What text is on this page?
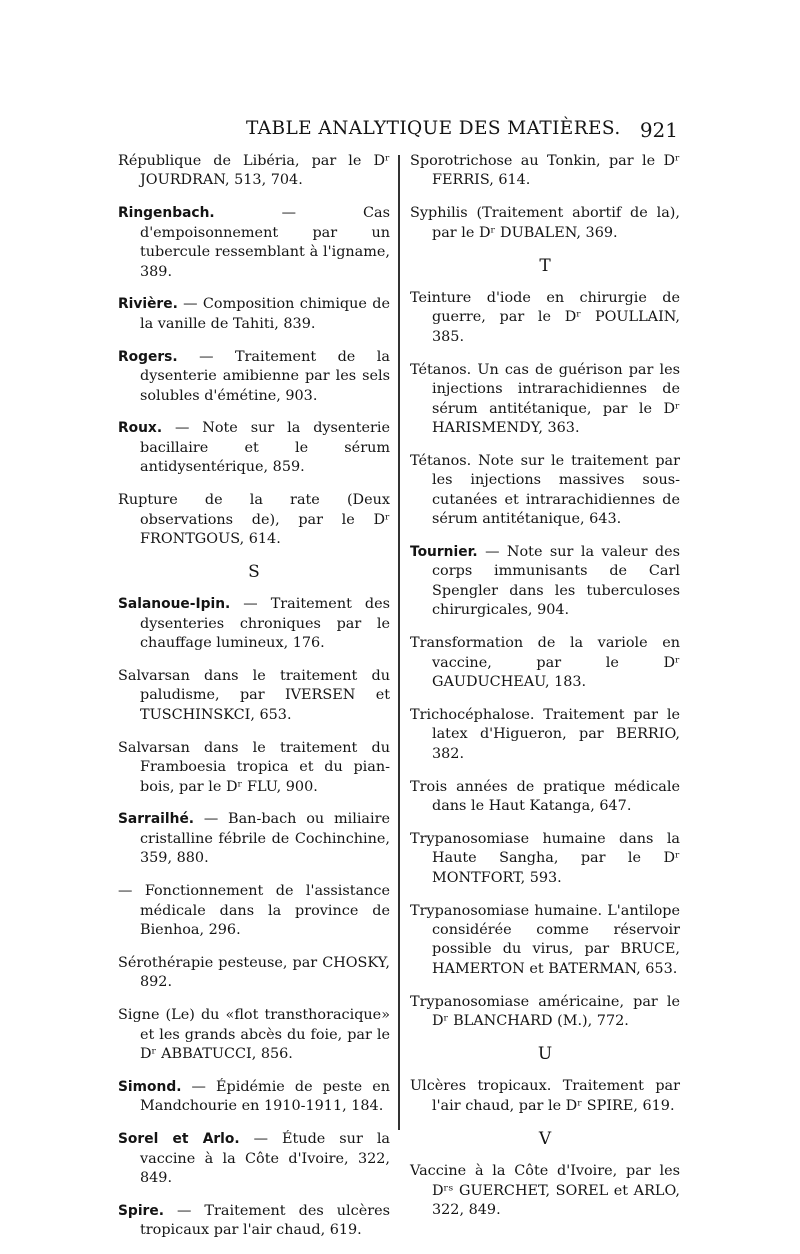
TABLE ANALYTIQUE DES MATIÈRES. 921

République de Libéria, par le Dʳ JOURDRAN, 513, 704.

Ringenbach. — Cas d'empoisonnement par un tubercule ressemblant à l'igname, 389.

Rivière. — Composition chimique de la vanille de Tahiti, 839.

Rogers. — Traitement de la dysenterie amibienne par les sels solubles d'émétine, 903.

Roux. — Note sur la dysenterie bacillaire et le sérum antidysentérique, 859.

Rupture de la rate (Deux observations de), par le Dʳ FRONTGOUS, 614.

S

Salanoue-Ipin. — Traitement des dysenteries chroniques par le chauffage lumineux, 176.

Salvarsan dans le traitement du paludisme, par IVERSEN et TUSCHINSKCI, 653.

Salvarsan dans le traitement du Framboesia tropica et du pian-bois, par le Dʳ FLU, 900.

Sarrailhé. — Ban-bach ou miliaire cristalline fébrile de Cochinchine, 359, 880.

— Fonctionnement de l'assistance médicale dans la province de Bienhoa, 296.

Sérothérapie pesteuse, par CHOSKY, 892.

Signe (Le) du «flot transthoracique» et les grands abcès du foie, par le Dʳ ABBATUCCI, 856.

Simond. — Épidémie de peste en Mandchourie en 1910-1911, 184.

Sorel et Arlo. — Étude sur la vaccine à la Côte d'Ivoire, 322, 849.

Spire. — Traitement des ulcères tropicaux par l'air chaud, 619.

Sporotrichose au Tonkin, par le Dʳ FERRIS, 614.

Syphilis (Traitement abortif de la), par le Dʳ DUBALEN, 369.

T

Teinture d'iode en chirurgie de guerre, par le Dʳ POULLAIN, 385.

Tétanos. Un cas de guérison par les injections intrarachidiennes de sérum antitétanique, par le Dʳ HARISMENDY, 363.

Tétanos. Note sur le traitement par les injections massives sous-cutanées et intrarachidiennes de sérum antitétanique, 643.

Tournier. — Note sur la valeur des corps immunisants de Carl Spengler dans les tuberculoses chirurgicales, 904.

Transformation de la variole en vaccine, par le Dʳ GAUDUCHEAU, 183.

Trichocéphalose. Traitement par le latex d'Higueron, par BERRIO, 382.

Trois années de pratique médicale dans le Haut Katanga, 647.

Trypanosomiase humaine dans la Haute Sangha, par le Dʳ MONTFORT, 593.

Trypanosomiase humaine. L'antilope considérée comme réservoir possible du virus, par BRUCE, HAMERTON et BATERMAN, 653.

Trypanosomiase américaine, par le Dʳ BLANCHARD (M.), 772.

U

Ulcères tropicaux. Traitement par l'air chaud, par le Dʳ SPIRE, 619.

V

Vaccine à la Côte d'Ivoire, par les Dʳˢ GUERCHET, SOREL et ARLO, 322, 849.
